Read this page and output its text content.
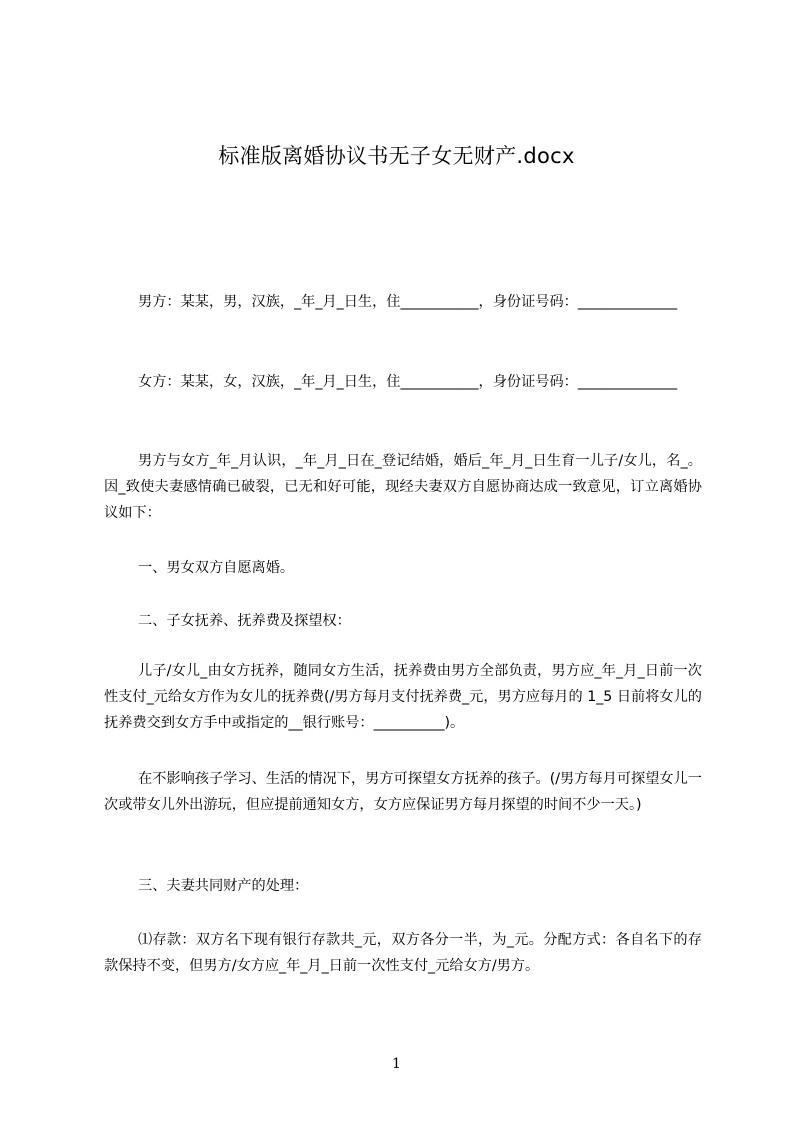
标准版离婚协议书无子女无财产.docx
男方：某某，男，汉族，_年_月_日生，住___________，身份证号码：______________
女方：某某，女，汉族，_年_月_日生，住___________，身份证号码：______________
男方与女方_年_月认识，_年_月_日在_登记结婚，婚后_年_月_日生育一儿子/女儿，名_。因_致使夫妻感情确已破裂，已无和好可能，现经夫妻双方自愿协商达成一致意见，订立离婚协议如下：
一、男女双方自愿离婚。
二、子女抚养、抚养费及探望权：
儿子/女儿_由女方抚养，随同女方生活，抚养费由男方全部负责，男方应_年_月_日前一次性支付_元给女方作为女儿的抚养费(/男方每月支付抚养费_元，男方应每月的 1_5 日前将女儿的抚养费交到女方手中或指定的__银行账号：__________)。
在不影响孩子学习、生活的情况下，男方可探望女方抚养的孩子。(/男方每月可探望女儿一次或带女儿外出游玩，但应提前通知女方，女方应保证男方每月探望的时间不少一天。)
三、夫妻共同财产的处理：
⑴存款：双方名下现有银行存款共_元，双方各分一半，为_元。分配方式：各自名下的存款保持不变，但男方/女方应_年_月_日前一次性支付_元给女方/男方。
1
